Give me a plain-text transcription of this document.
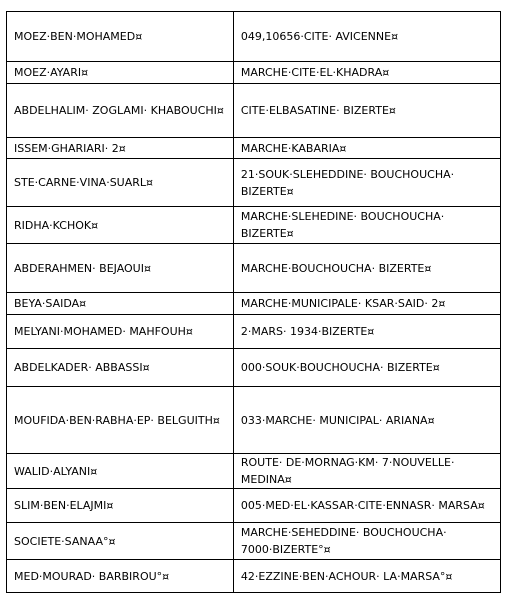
MOEZ·BEN·MOHAMED¤	049,10656·CITE· AVICENNE¤
MOEZ·AYARI¤	MARCHE·CITE·EL·KHADRA¤
ABDELHALIM· ZOGLAMI· KHABOUCHI¤	CITE·ELBASATINE· BIZERTE¤
ISSEM·GHARIARI· 2¤	MARCHE·KABARIA¤
STE·CARNE·VINA·SUARL¤	21·SOUK·SLEHEDDINE· BOUCHOUCHA· BIZERTE¤
RIDHA·KCHOK¤	MARCHE·SLEHEDINE· BOUCHOUCHA· BIZERTE¤
ABDERAHMEN· BEJAOUI¤	MARCHE·BOUCHOUCHA· BIZERTE¤
BEYA·SAIDA¤	MARCHE·MUNICIPALE· KSAR·SAID· 2¤
MELYANI·MOHAMED· MAHFOUH¤	2·MARS· 1934·BIZERTE¤
ABDELKADER· ABBASSI¤	000·SOUK·BOUCHOUCHA· BIZERTE¤
MOUFIDA·BEN·RABHA·EP· BELGUITH¤	033·MARCHE· MUNICIPAL· ARIANA¤
WALID·ALYANI¤	ROUTE· DE·MORNAG·KM· 7·NOUVELLE· MEDINA¤
SLIM·BEN·ELAJMI¤	005·MED·EL·KASSAR·CITE·ENNASR· MARSA¤
SOCIETE·SANAA°¤	MARCHE·SEHEDDINE· BOUCHOUCHA· 7000·BIZERTE°¤
MED·MOURAD· BARBIROU°¤	42·EZZINE·BEN·ACHOUR· LA·MARSA°¤
